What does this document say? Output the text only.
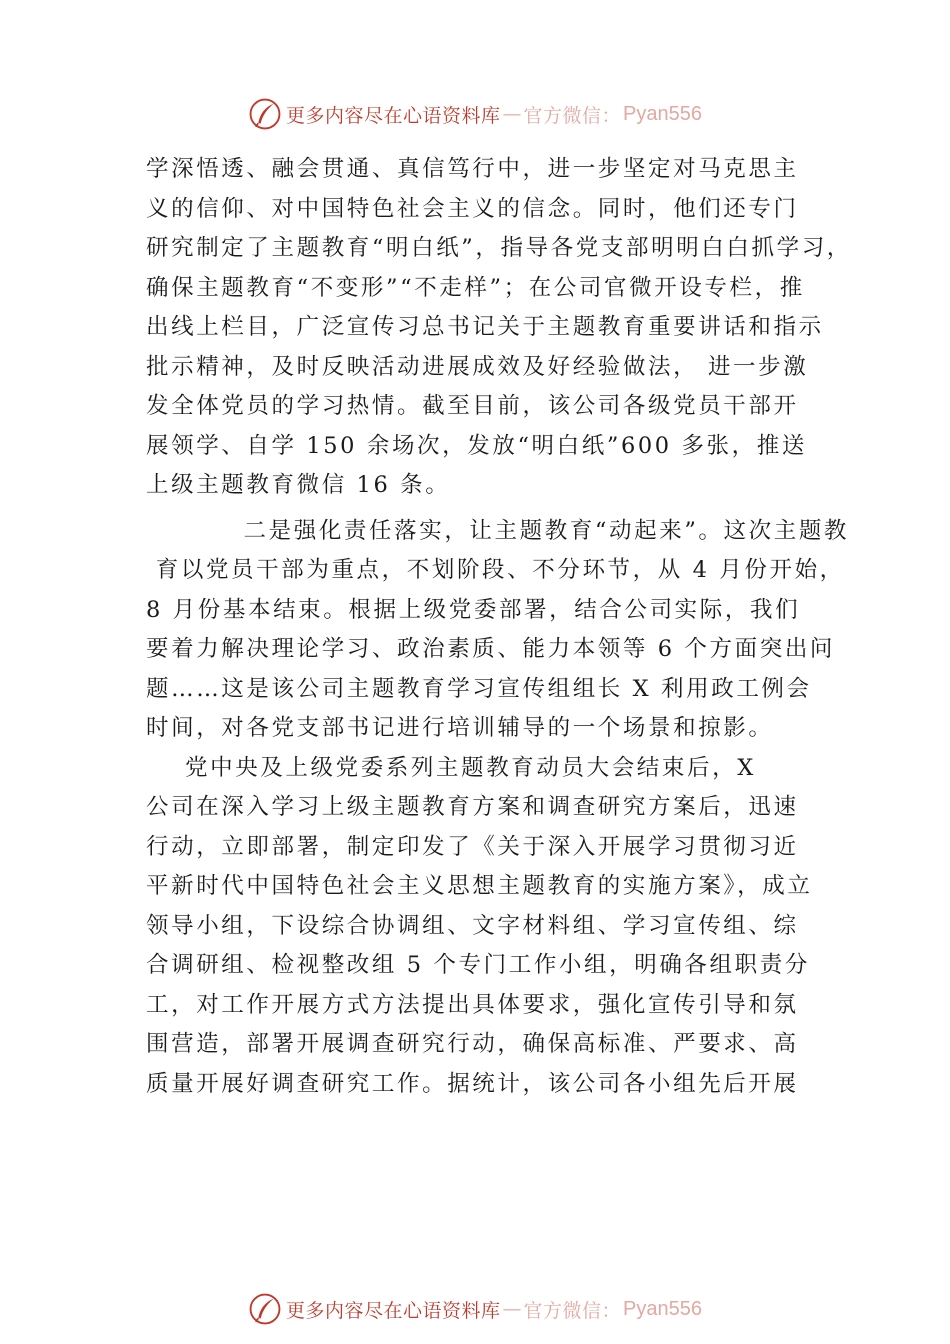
更多内容尽在心语资料库 — 官方微信： Pyan556
学深悟透、融会贯通、真信笃行中，进一步坚定对马克思主
义的信仰、对中国特色社会主义的信念。同时，他们还专门
研究制定了主题教育“明白纸”，指导各党支部明明白白抓学习，
确保主题教育“不变形”“不走样”；在公司官微开设专栏，推
出线上栏目，广泛宣传习总书记关于主题教育重要讲话和指示
批示精神，及时反映活动进展成效及好经验做法， 进一步激
发全体党员的学习热情。截至目前，该公司各级党员干部开
展领学、自学 150 余场次，发放“明白纸”600 多张，推送
上级主题教育微信 16 条。
二是强化责任落实，让主题教育“动起来”。这次主题教
育以党员干部为重点，不划阶段、不分环节，从 4 月份开始，
8 月份基本结束。根据上级党委部署，结合公司实际，我们
要着力解决理论学习、政治素质、能力本领等 6 个方面突出问
题……这是该公司主题教育学习宣传组组长 X 利用政工例会
时间，对各党支部书记进行培训辅导的一个场景和掠影。
党中央及上级党委系列主题教育动员大会结束后，X
公司在深入学习上级主题教育方案和调查研究方案后，迅速
行动，立即部署，制定印发了《关于深入开展学习贯彻习近
平新时代中国特色社会主义思想主题教育的实施方案》，成立
领导小组，下设综合协调组、文字材料组、学习宣传组、综
合调研组、检视整改组 5 个专门工作小组，明确各组职责分
工，对工作开展方式方法提出具体要求，强化宣传引导和氛
围营造，部署开展调查研究行动，确保高标准、严要求、高
质量开展好调查研究工作。据统计，该公司各小组先后开展
更多内容尽在心语资料库 — 官方微信： Pyan556
